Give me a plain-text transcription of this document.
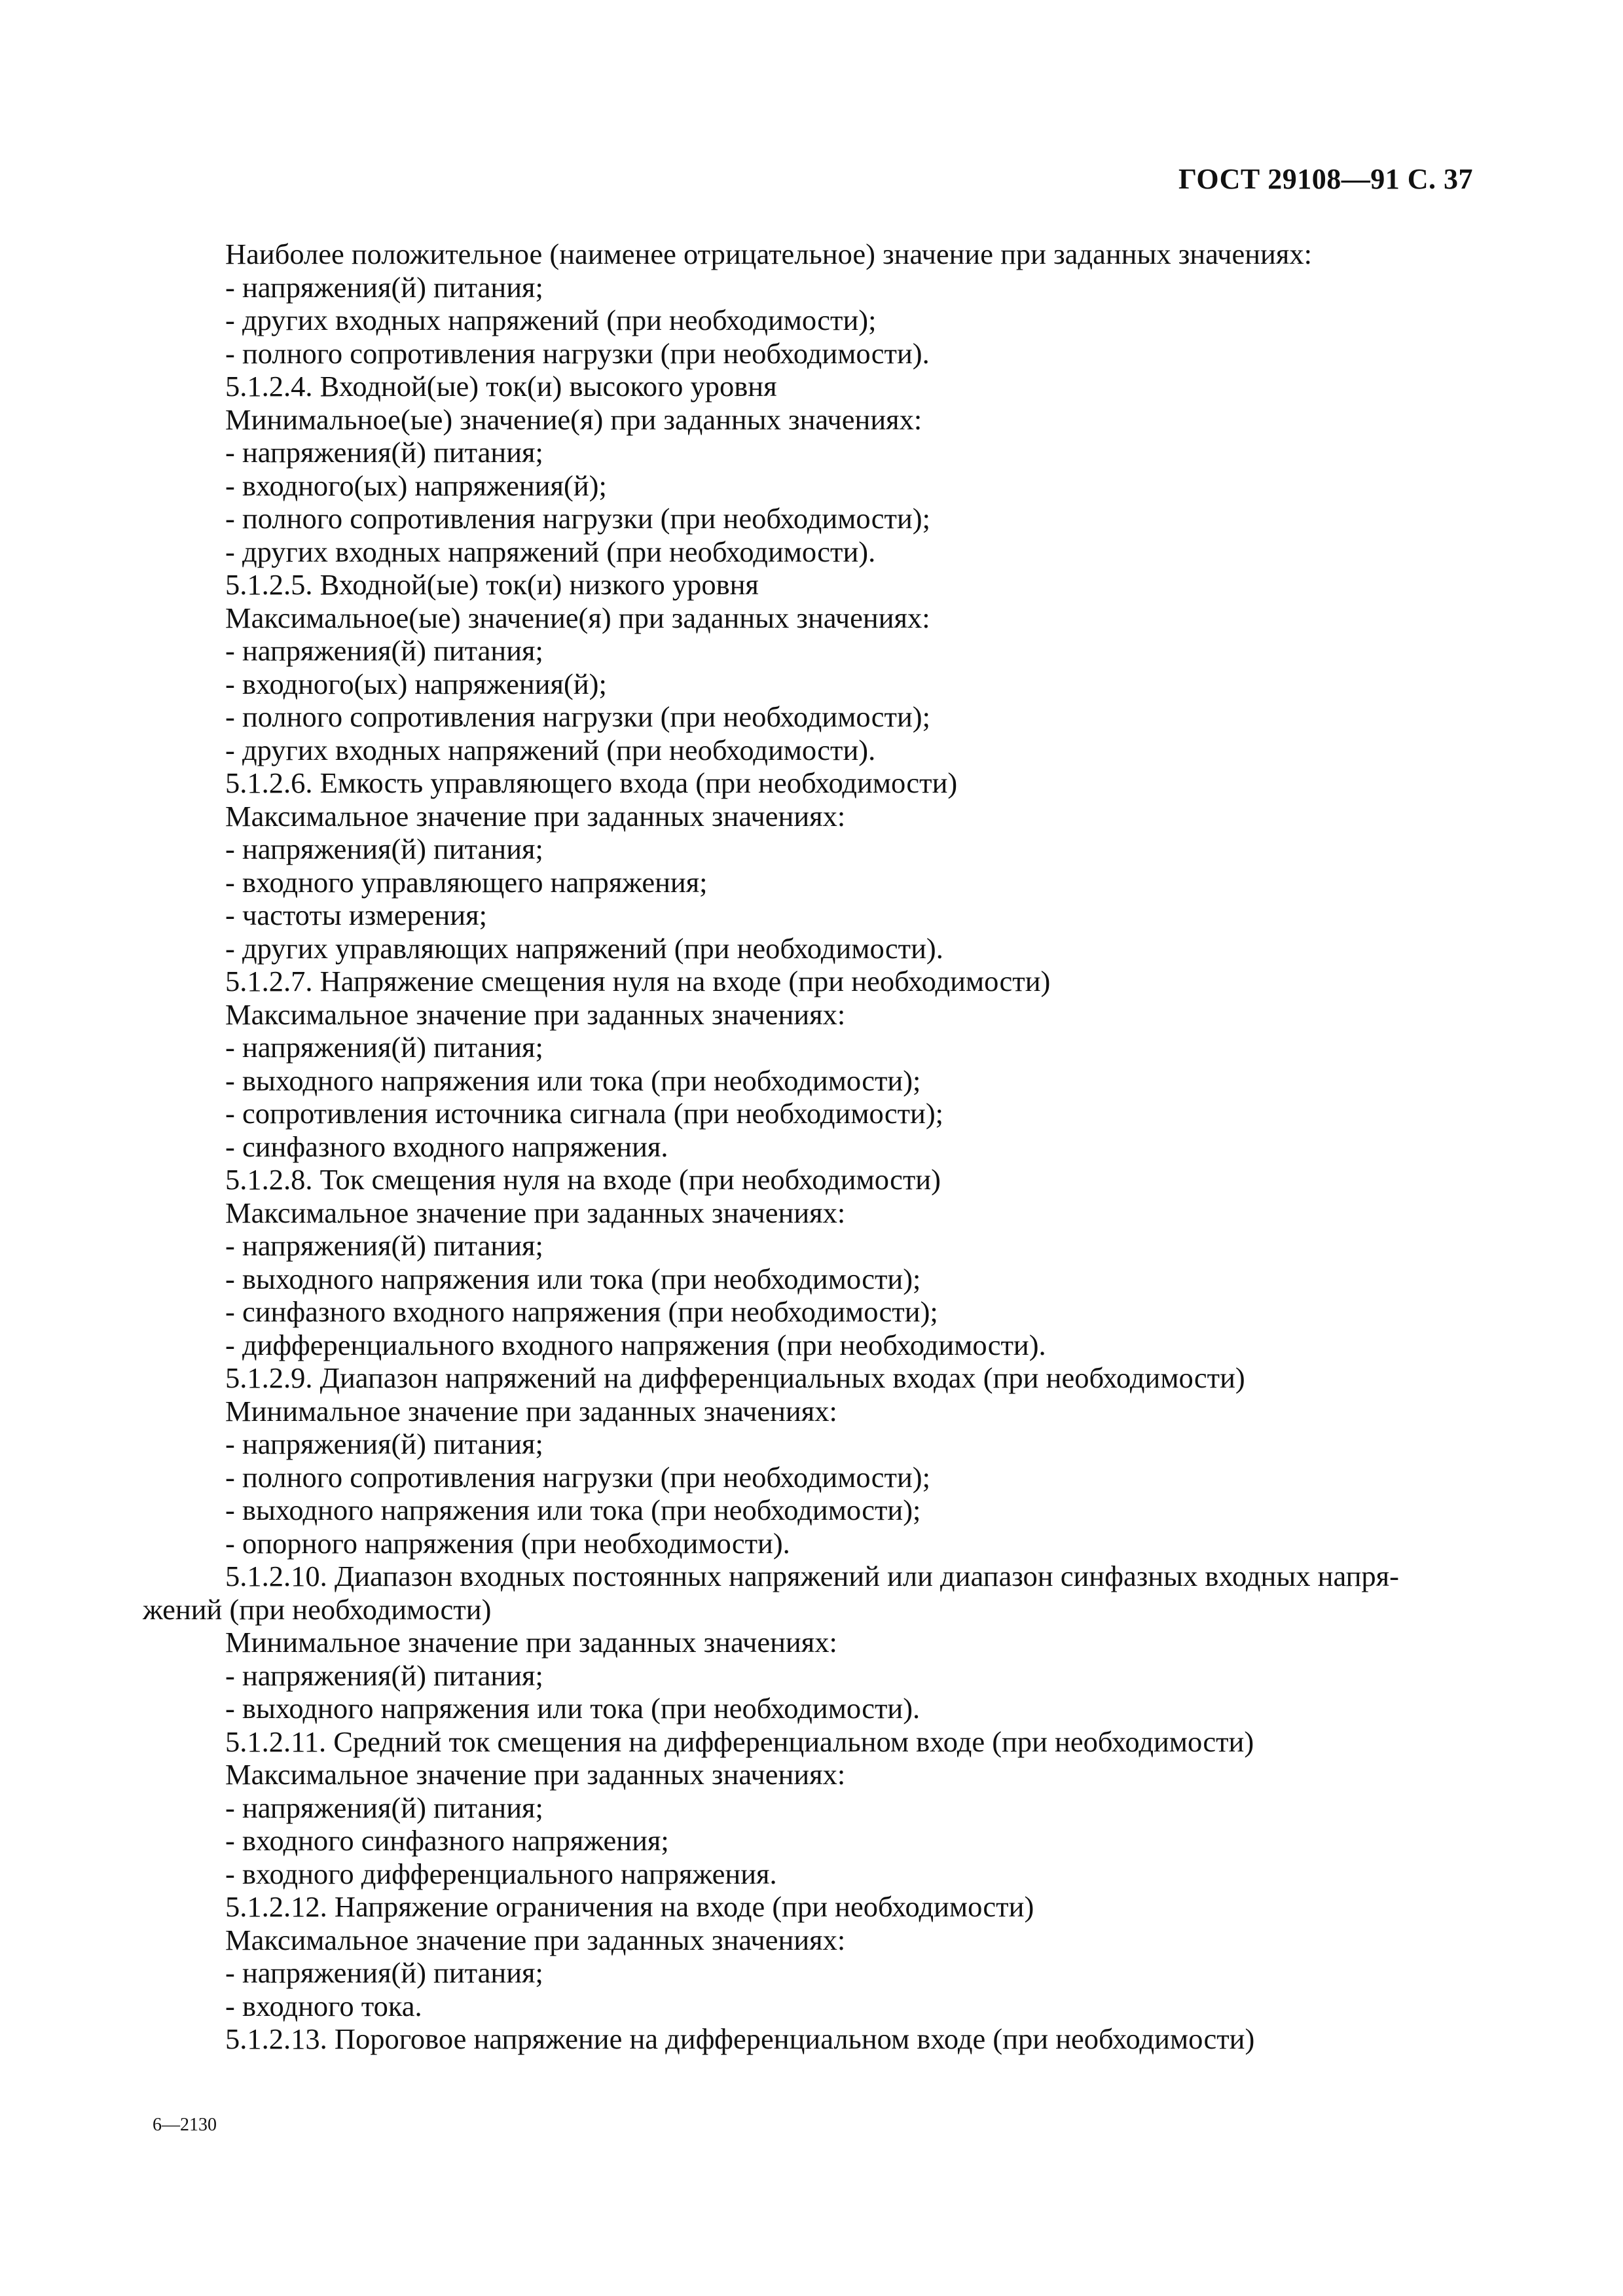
ГОСТ 29108—91 С. 37
Наиболее положительное (наименее отрицательное) значение при заданных значениях:
- напряжения(й) питания;
- других входных напряжений (при необходимости);
- полного сопротивления нагрузки (при необходимости).
5.1.2.4. Входной(ые) ток(и) высокого уровня
Минимальное(ые) значение(я) при заданных значениях:
- напряжения(й) питания;
- входного(ых) напряжения(й);
- полного сопротивления нагрузки (при необходимости);
- других входных напряжений (при необходимости).
5.1.2.5. Входной(ые) ток(и) низкого уровня
Максимальное(ые) значение(я) при заданных значениях:
- напряжения(й) питания;
- входного(ых) напряжения(й);
- полного сопротивления нагрузки (при необходимости);
- других входных напряжений (при необходимости).
5.1.2.6. Емкость управляющего входа (при необходимости)
Максимальное значение при заданных значениях:
- напряжения(й) питания;
- входного управляющего напряжения;
- частоты измерения;
- других управляющих напряжений (при необходимости).
5.1.2.7. Напряжение смещения нуля на входе (при необходимости)
Максимальное значение при заданных значениях:
- напряжения(й) питания;
- выходного напряжения или тока (при необходимости);
- сопротивления источника сигнала (при необходимости);
- синфазного входного напряжения.
5.1.2.8. Ток смещения нуля на входе (при необходимости)
Максимальное значение при заданных значениях:
- напряжения(й) питания;
- выходного напряжения или тока (при необходимости);
- синфазного входного напряжения (при необходимости);
- дифференциального входного напряжения (при необходимости).
5.1.2.9. Диапазон напряжений на дифференциальных входах (при необходимости)
Минимальное значение при заданных значениях:
- напряжения(й) питания;
- полного сопротивления нагрузки (при необходимости);
- выходного напряжения или тока (при необходимости);
- опорного напряжения (при необходимости).
5.1.2.10. Диапазон входных постоянных напряжений или диапазон синфазных входных напря-
жений (при необходимости)
Минимальное значение при заданных значениях:
- напряжения(й) питания;
- выходного напряжения или тока (при необходимости).
5.1.2.11. Средний ток смещения на дифференциальном входе (при необходимости)
Максимальное значение при заданных значениях:
- напряжения(й) питания;
- входного синфазного напряжения;
- входного дифференциального напряжения.
5.1.2.12. Напряжение ограничения на входе (при необходимости)
Максимальное значение при заданных значениях:
- напряжения(й) питания;
- входного тока.
5.1.2.13. Пороговое напряжение на дифференциальном входе (при необходимости)
6—2130
